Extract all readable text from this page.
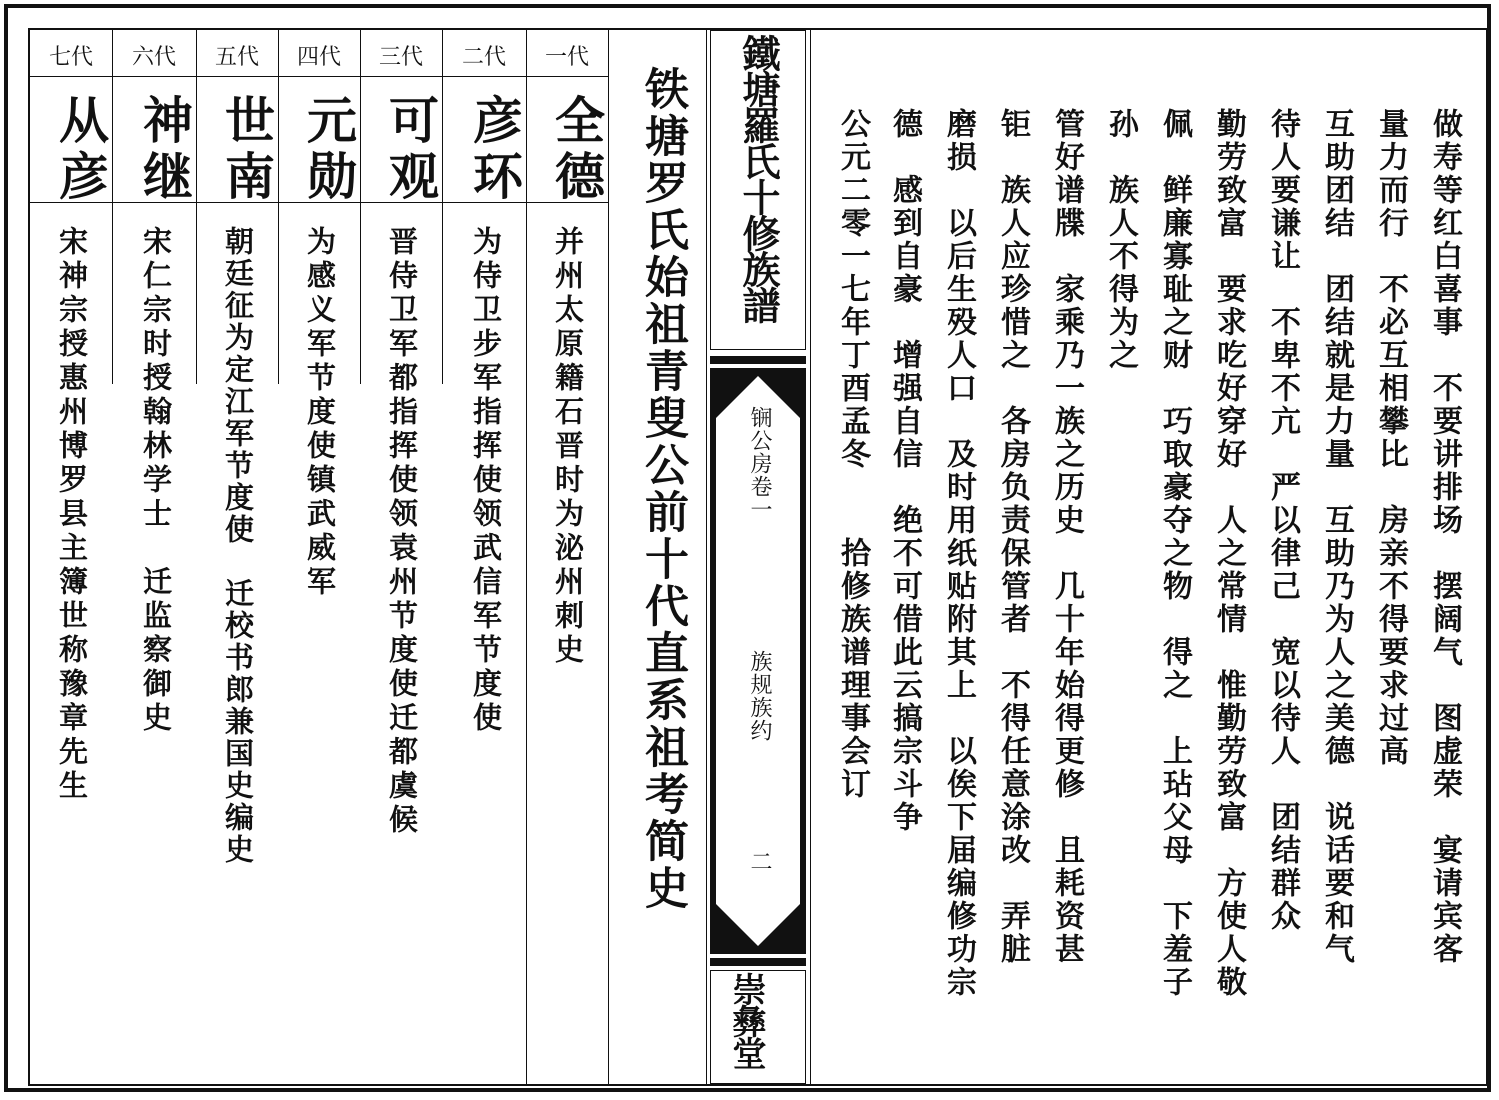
一代
全德
并州太原籍石晋时为泌州刺史
二代
彦环
为侍卫步军指挥使领武信军节度使
三代
可观
晋侍卫军都指挥使领袁州节度使迁都虞候
四代
元勋
为感义军节度使镇武威军
五代
世南
朝廷征为定江军节度使　迁校书郎兼国史编史
六代
神继
宋仁宗时授翰林学士　迁监察御史
七代
从彦
宋神宗授惠州博罗县主簿世称豫章先生	铁塘罗氏始祖青叟公前十代直系祖考简史	鐵塘羅氏十修族譜
锎公房卷一
族规族约
二
崇彝堂
做寿等红白喜事　不要讲排场　摆阔气　图虚荣　宴请宾客
量力而行　不必互相攀比　房亲不得要求过高
互助团结　团结就是力量　互助乃为人之美德　说话要和气
待人要谦让　不卑不亢　严以律己　宽以待人　团结群众
勤劳致富　要求吃好穿好　人之常情　惟勤劳致富　方使人敬
佩　鲜廉寡耻之财　巧取豪夺之物　得之　上玷父母　下羞子
孙　族人不得为之
管好谱牒　家乘乃一族之历史　几十年始得更修　且耗资甚
钜　族人应珍惜之　各房负责保管者　不得任意涂改　弄脏
磨损　以后生殁人口　及时用纸贴附其上　以俟下届编修功宗
德　感到自豪　增强自信　绝不可借此云搞宗斗争
公元二零一七年丁酉孟冬　　拾修族谱理事会订
